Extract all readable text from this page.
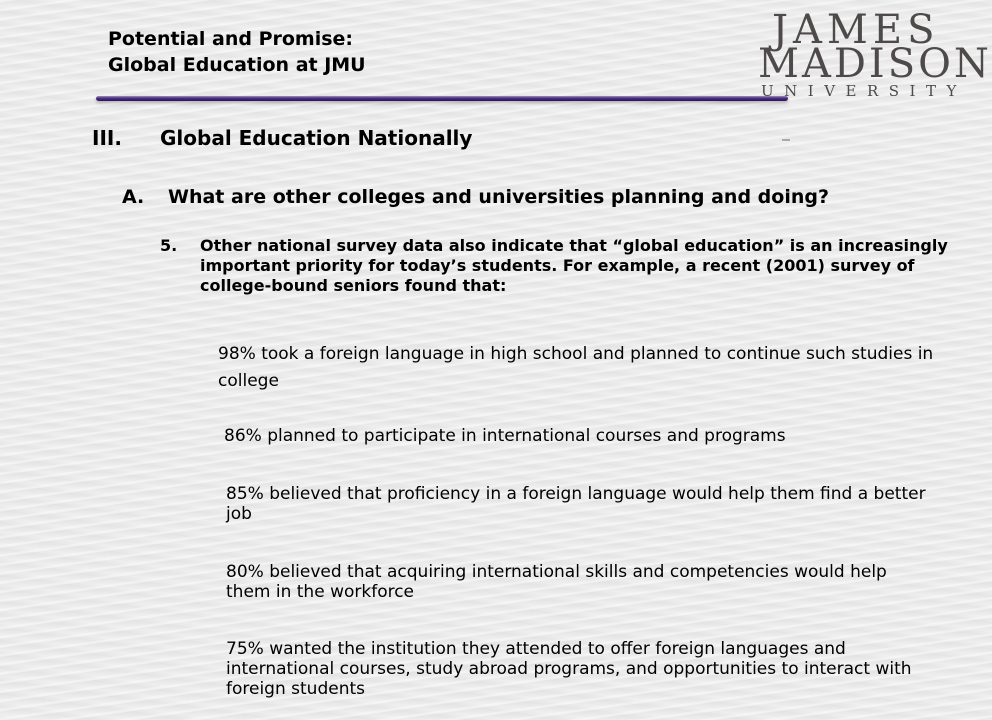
Potential and Promise:
Global Education at JMU
JAMES
MADISON
UNIVERSITY
III. Global Education Nationally
A. What are other colleges and universities planning and doing?
5. Other national survey data also indicate that “global education” is an increasingly important priority for today’s students. For example, a recent (2001) survey of college-bound seniors found that:
98% took a foreign language in high school and planned to continue such studies in college
86% planned to participate in international courses and programs
85% believed that proficiency in a foreign language would help them find a better job
80% believed that acquiring international skills and competencies would help them in the workforce
75% wanted the institution they attended to offer foreign languages and international courses, study abroad programs, and opportunities to interact with foreign students
